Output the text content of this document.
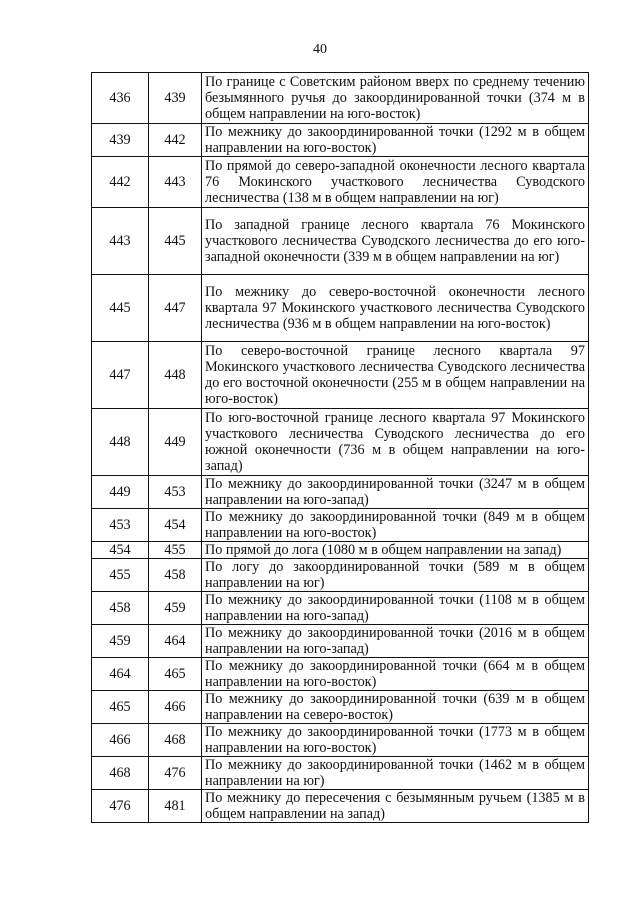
40
436	439	По границе с Советским районом вверх по среднему течению безымянного ручья до закоординированной точки (374 м в общем направлении на юго-восток)
439	442	По межнику до закоординированной точки (1292 м в общем направлении на юго-восток)
442	443	По прямой до северо-западной оконечности лесного квартала 76 Мокинского участкового лесничества Суводского лесничества (138 м в общем направлении на юг)
443	445	По западной границе лесного квартала 76 Мокинского участкового лесничества Суводского лесничества до его юго-западной оконечности (339 м в общем направлении на юг)
445	447	По межнику до северо-восточной оконечности лесного квартала 97 Мокинского участкового лесничества Суводского лесничества (936 м в общем направлении на юго-восток)
447	448	По северо-восточной границе лесного квартала 97 Мокинского участкового лесничества Суводского лесничества до его восточной оконечности (255 м в общем направлении на юго-восток)
448	449	По юго-восточной границе лесного квартала 97 Мокинского участкового лесничества Суводского лесничества до его южной оконечности (736 м в общем направлении на юго-запад)
449	453	По межнику до закоординированной точки (3247 м в общем направлении на юго-запад)
453	454	По межнику до закоординированной точки (849 м в общем направлении на юго-восток)
454	455	По прямой до лога (1080 м в общем направлении на запад)
455	458	По логу до закоординированной точки (589 м в общем направлении на юг)
458	459	По межнику до закоординированной точки (1108 м в общем направлении на юго-запад)
459	464	По межнику до закоординированной точки (2016 м в общем направлении на юго-запад)
464	465	По межнику до закоординированной точки (664 м в общем направлении на юго-восток)
465	466	По межнику до закоординированной точки (639 м в общем направлении на северо-восток)
466	468	По межнику до закоординированной точки (1773 м в общем направлении на юго-восток)
468	476	По межнику до закоординированной точки (1462 м в общем направлении на юг)
476	481	По межнику до пересечения с безымянным ручьем (1385 м в общем направлении на запад)
